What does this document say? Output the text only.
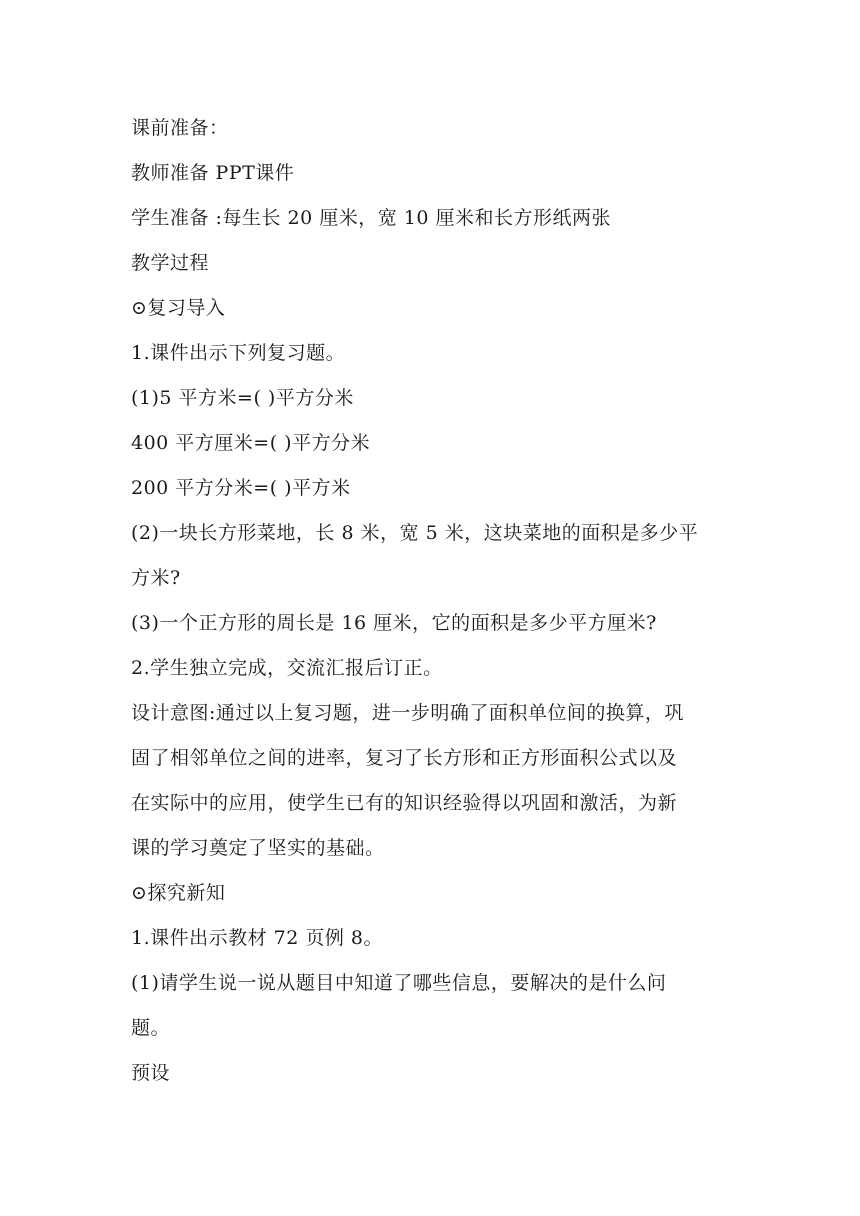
课前准备：
教师准备 PPT课件
学生准备 :每生长 20 厘米，宽 10 厘米和长方形纸两张
教学过程
⊙复习导入
1.课件出示下列复习题。
(1)5 平方米=( )平方分米
400 平方厘米=( )平方分米
200 平方分米=( )平方米
(2)一块长方形菜地，长 8 米，宽 5 米，这块菜地的面积是多少平
方米?
(3)一个正方形的周长是 16 厘米，它的面积是多少平方厘米?
2.学生独立完成，交流汇报后订正。
设计意图:通过以上复习题，进一步明确了面积单位间的换算，巩
固了相邻单位之间的进率，复习了长方形和正方形面积公式以及
在实际中的应用，使学生已有的知识经验得以巩固和激活，为新
课的学习奠定了坚实的基础。
⊙探究新知
1.课件出示教材 72 页例 8。
(1)请学生说一说从题目中知道了哪些信息，要解决的是什么问
题。
预设
